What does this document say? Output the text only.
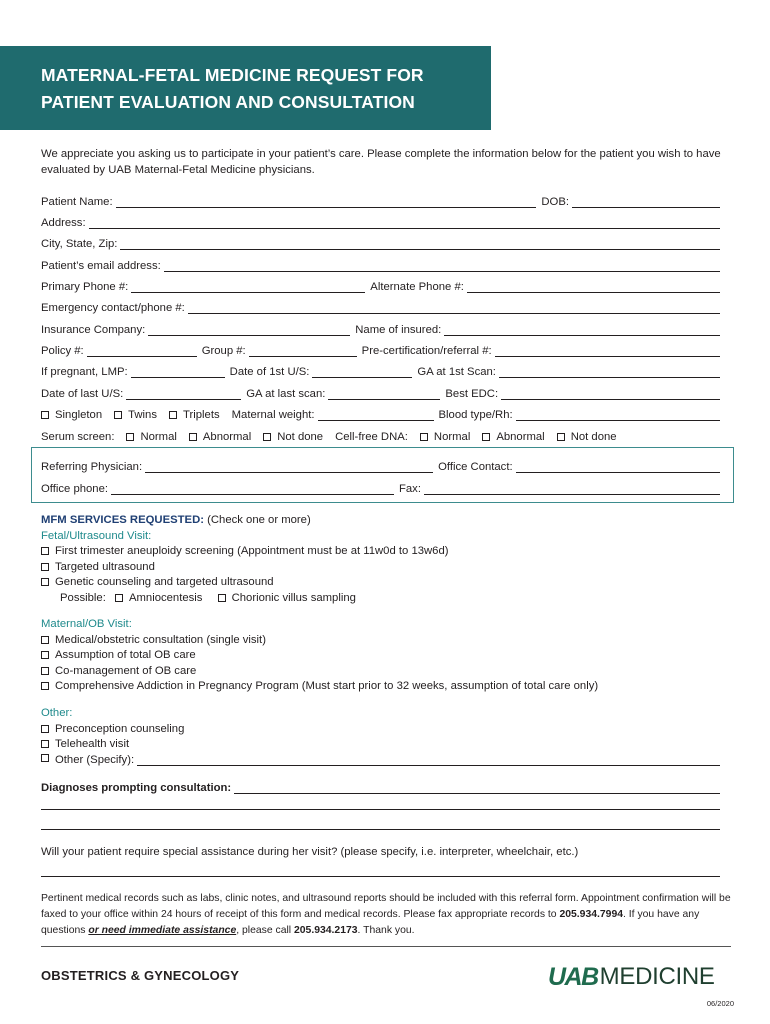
MATERNAL-FETAL MEDICINE REQUEST FOR
PATIENT EVALUATION AND CONSULTATION
We appreciate you asking us to participate in your patient’s care. Please complete the information below for the patient you wish to have evaluated by UAB Maternal-Fetal Medicine physicians.
Patient Name:	DOB:
Address:
City, State, Zip:
Patient’s email address:
Primary Phone #:	Alternate Phone #:
Emergency contact/phone #:
Insurance Company:	Name of insured:
Policy #:	Group #:	Pre-certification/referral #:
If pregnant, LMP:	Date of 1st U/S:	GA at 1st Scan:
Date of last U/S:	GA at last scan:	Best EDC:
Singleton	Twins	Triplets Maternal weight:	Blood type/Rh:
Serum screen:	Normal	Abnormal	Not done Cell-free DNA:	Normal	Abnormal	Not done
Referring Physician:	Office Contact:
Office phone:	Fax:
MFM SERVICES REQUESTED: (Check one or more)
Fetal/Ultrasound Visit:
First trimester aneuploidy screening (Appointment must be at 11w0d to 13w6d)
Targeted ultrasound
Genetic counseling and targeted ultrasound
Possible: Amniocentesis	Chorionic villus sampling
Maternal/OB Visit:
Medical/obstetric consultation (single visit)
Assumption of total OB care
Co-management of OB care
Comprehensive Addiction in Pregnancy Program (Must start prior to 32 weeks, assumption of total care only)
Other:
Preconception counseling
Telehealth visit
Other (Specify):
Diagnoses prompting consultation:
Will your patient require special assistance during her visit? (please specify, i.e. interpreter, wheelchair, etc.)
Pertinent medical records such as labs, clinic notes, and ultrasound reports should be included with this referral form. Appointment confirmation will be faxed to your office within 24 hours of receipt of this form and medical records. Please fax appropriate records to 205.934.7994. If you have any questions or need immediate assistance, please call 205.934.2173. Thank you.
OBSTETRICS & GYNECOLOGY	UAB MEDICINE
06/2020
